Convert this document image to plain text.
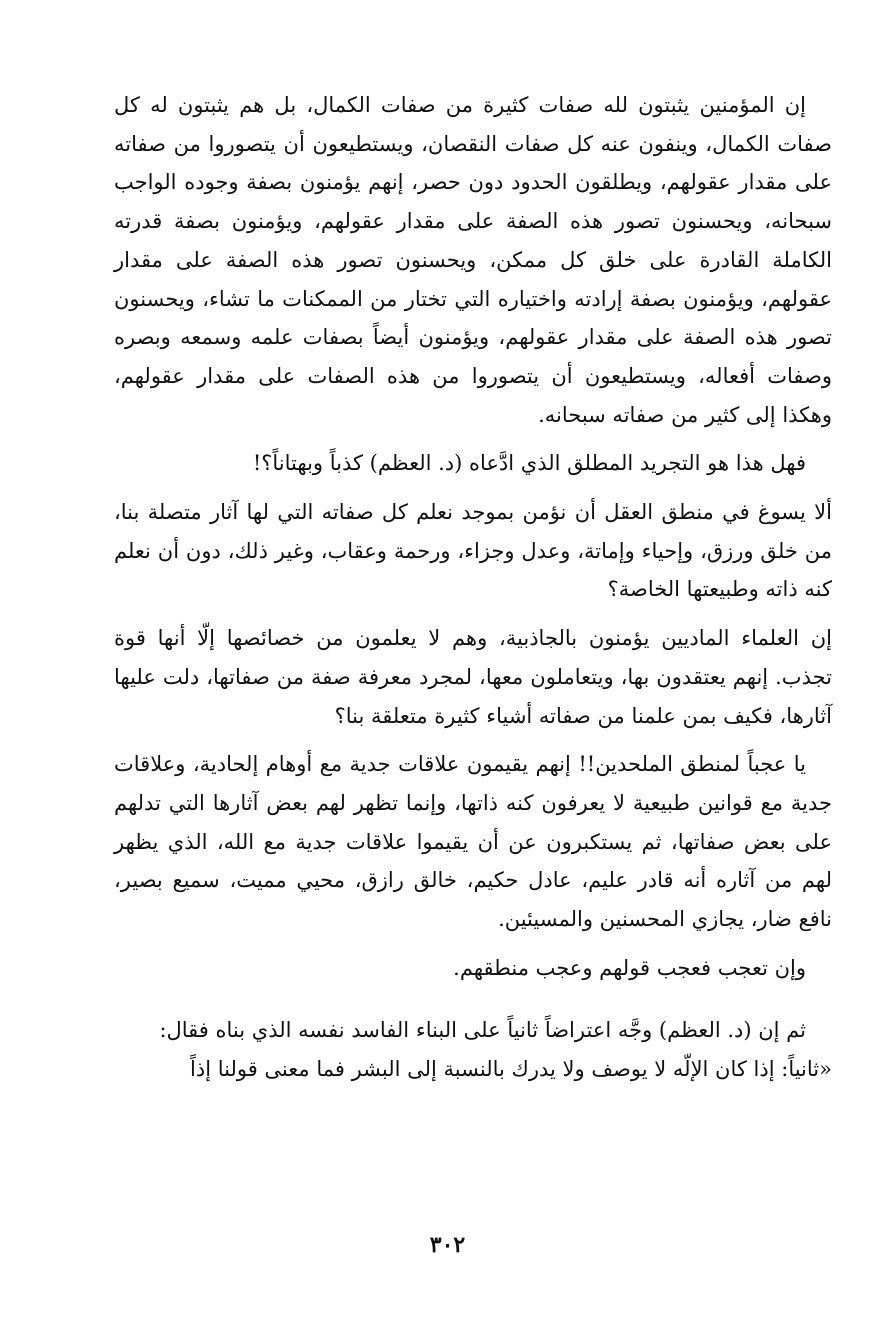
إن المؤمنين يثبتون لله صفات كثيرة من صفات الكمال، بل هم يثبتون له كل صفات الكمال، وينفون عنه كل صفات النقصان، ويستطيعون أن يتصوروا من صفاته على مقدار عقولهم، ويطلقون الحدود دون حصر، إنهم يؤمنون بصفة وجوده الواجب سبحانه، ويحسنون تصور هذه الصفة على مقدار عقولهم، ويؤمنون بصفة قدرته الكاملة القادرة على خلق كل ممكن، ويحسنون تصور هذه الصفة على مقدار عقولهم، ويؤمنون بصفة إرادته واختياره التي تختار من الممكنات ما تشاء، ويحسنون تصور هذه الصفة على مقدار عقولهم، ويؤمنون أيضاً بصفات علمه وسمعه وبصره وصفات أفعاله، ويستطيعون أن يتصوروا من هذه الصفات على مقدار عقولهم، وهكذا إلى كثير من صفاته سبحانه.

فهل هذا هو التجريد المطلق الذي ادَّعاه (د. العظم) كذباً وبهتاناً؟!

ألا يسوغ في منطق العقل أن نؤمن بموجد نعلم كل صفاته التي لها آثار متصلة بنا، من خلق ورزق، وإحياء وإماتة، وعدل وجزاء، ورحمة وعقاب، وغير ذلك، دون أن نعلم كنه ذاته وطبيعتها الخاصة؟

إن العلماء الماديين يؤمنون بالجاذبية، وهم لا يعلمون من خصائصها إلّا أنها قوة تجذب. إنهم يعتقدون بها، ويتعاملون معها، لمجرد معرفة صفة من صفاتها، دلت عليها آثارها، فكيف بمن علمنا من صفاته أشياء كثيرة متعلقة بنا؟

يا عجباً لمنطق الملحدين!! إنهم يقيمون علاقات جدية مع أوهام إلحادية، وعلاقات جدية مع قوانين طبيعية لا يعرفون كنه ذاتها، وإنما تظهر لهم بعض آثارها التي تدلهم على بعض صفاتها، ثم يستكبرون عن أن يقيموا علاقات جدية مع الله، الذي يظهر لهم من آثاره أنه قادر عليم، عادل حكيم، خالق رازق، محيي مميت، سميع بصير، نافع ضار، يجازي المحسنين والمسيئين.

وإن تعجب فعجب قولهم وعجب منطقهم.

ثم إن (د. العظم) وجَّه اعتراضاً ثانياً على البناء الفاسد نفسه الذي بناه فقال:

«ثانياً: إذا كان الإلّه لا يوصف ولا يدرك بالنسبة إلى البشر فما معنى قولنا إذاً

٣٠٢
